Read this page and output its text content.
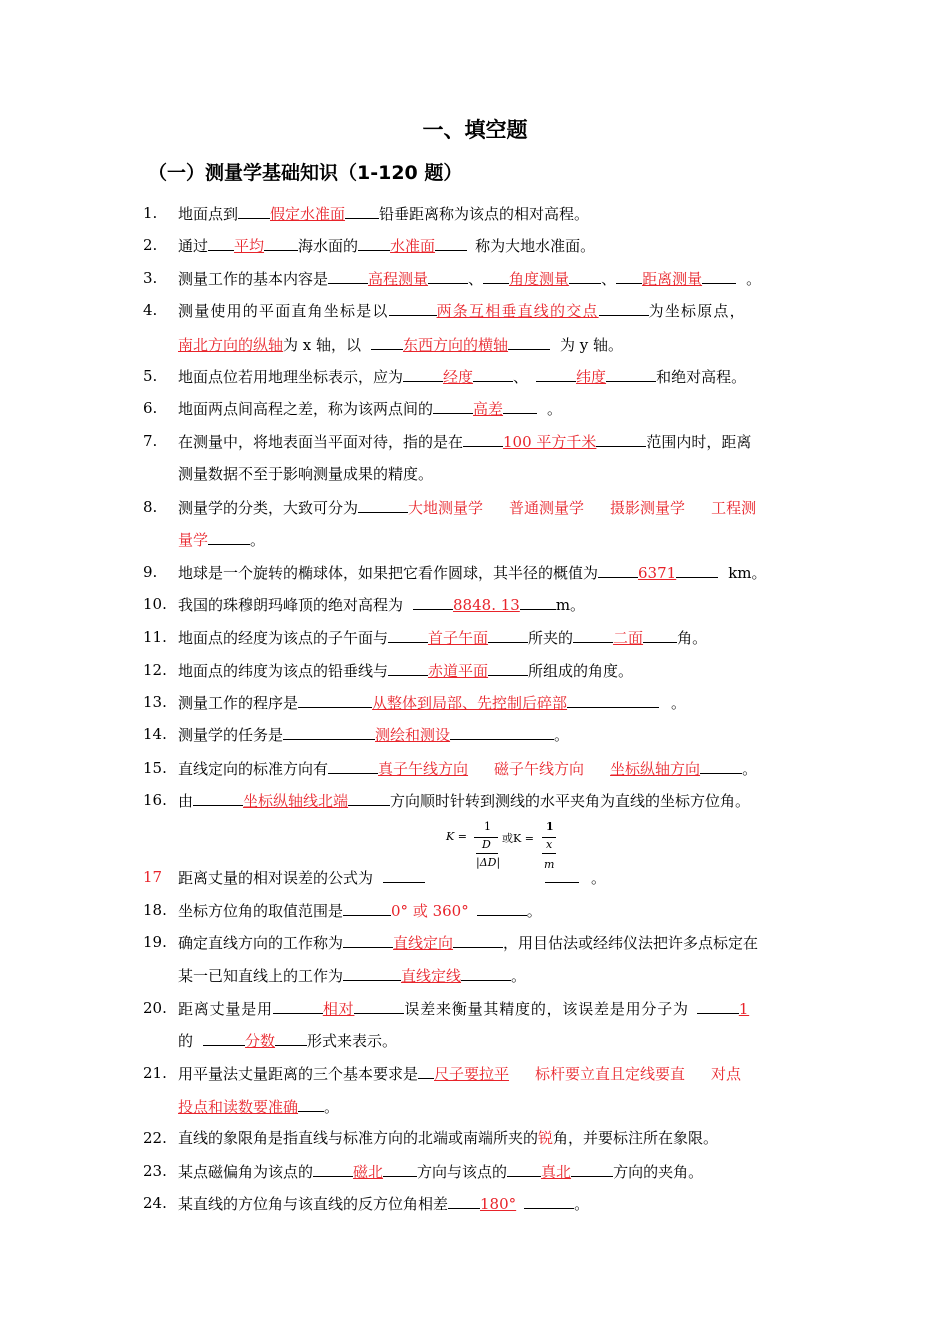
一、填空题
（一）测量学基础知识（1-120 题）
1.	地面点到 假定水准面 铅垂距离称为该点的相对高程。
2.	通过 平均 海水面的 水准面	称为大地水准面。
3.	测量工作的基本内容是	高程测量	、 角度测量 、 距离测量	。
4.	测量使用的平面直角坐标是以	两条互相垂直线的交点	为坐标原点，
南北方向的纵轴为 x 轴，以	东西方向的横轴	为 y 轴。
5.	地面点位若用地理坐标表示，应为	经度	、	纬度	和绝对高程。
6.	地面两点间高程之差，称为该两点间的	高差	。
7.	在测量中，将地表面当平面对待，指的是在	100 平方千米	范围内时，距离
测量数据不至于影响测量成果的精度。
8.	测量学的分类，大致可分为	大地测量学 普通测量学 摄影测量学 工程测
量学	。
9.	地球是一个旋转的椭球体，如果把它看作圆球，其半径的概值为	6371	km。
10. 我国的珠穆朗玛峰顶的绝对高程为	8848. 13 m。
11. 地面点的经度为该点的子午面与	首子午面	所夹的	二面 角。
12. 地面点的纬度为该点的铅垂线与	赤道平面	所组成的角度。
13. 测量工作的程序是	从整体到局部、先控制后碎部	。
14. 测量学的任务是	测绘和测设	。
15. 直线定向的标准方向有	真子午线方向 磁子午线方向 坐标纵轴方向	。
16. 由	坐标纵轴线北端	方向顺时针转到测线的水平夹角为直线的坐标方位角。
K =
1
D
|ΔD|
或K =
1
x
m
17	距离丈量的相对误差的公式为	。
18. 坐标方位角的取值范围是	0° 或 360°	。
19. 确定直线方向的工作称为	直线定向	，用目估法或经纬仪法把许多点标定在
某一已知直线上的工作为	直线定线	。
20. 距离丈量是用	相对	误差来衡量其精度的，该误差是用分子为	1
的	分数 形式来表示。
21. 用平量法丈量距离的三个基本要求是 尺子要拉平 标杆要立直且定线要直 对点
投点和读数要准确 。
22. 直线的象限角是指直线与标准方向的北端或南端所夹的锐角，并要标注所在象限。
23. 某点磁偏角为该点的	磁北 方向与该点的 真北	方向的夹角。
24. 某直线的方位角与该直线的反方位角相差 180°	。
